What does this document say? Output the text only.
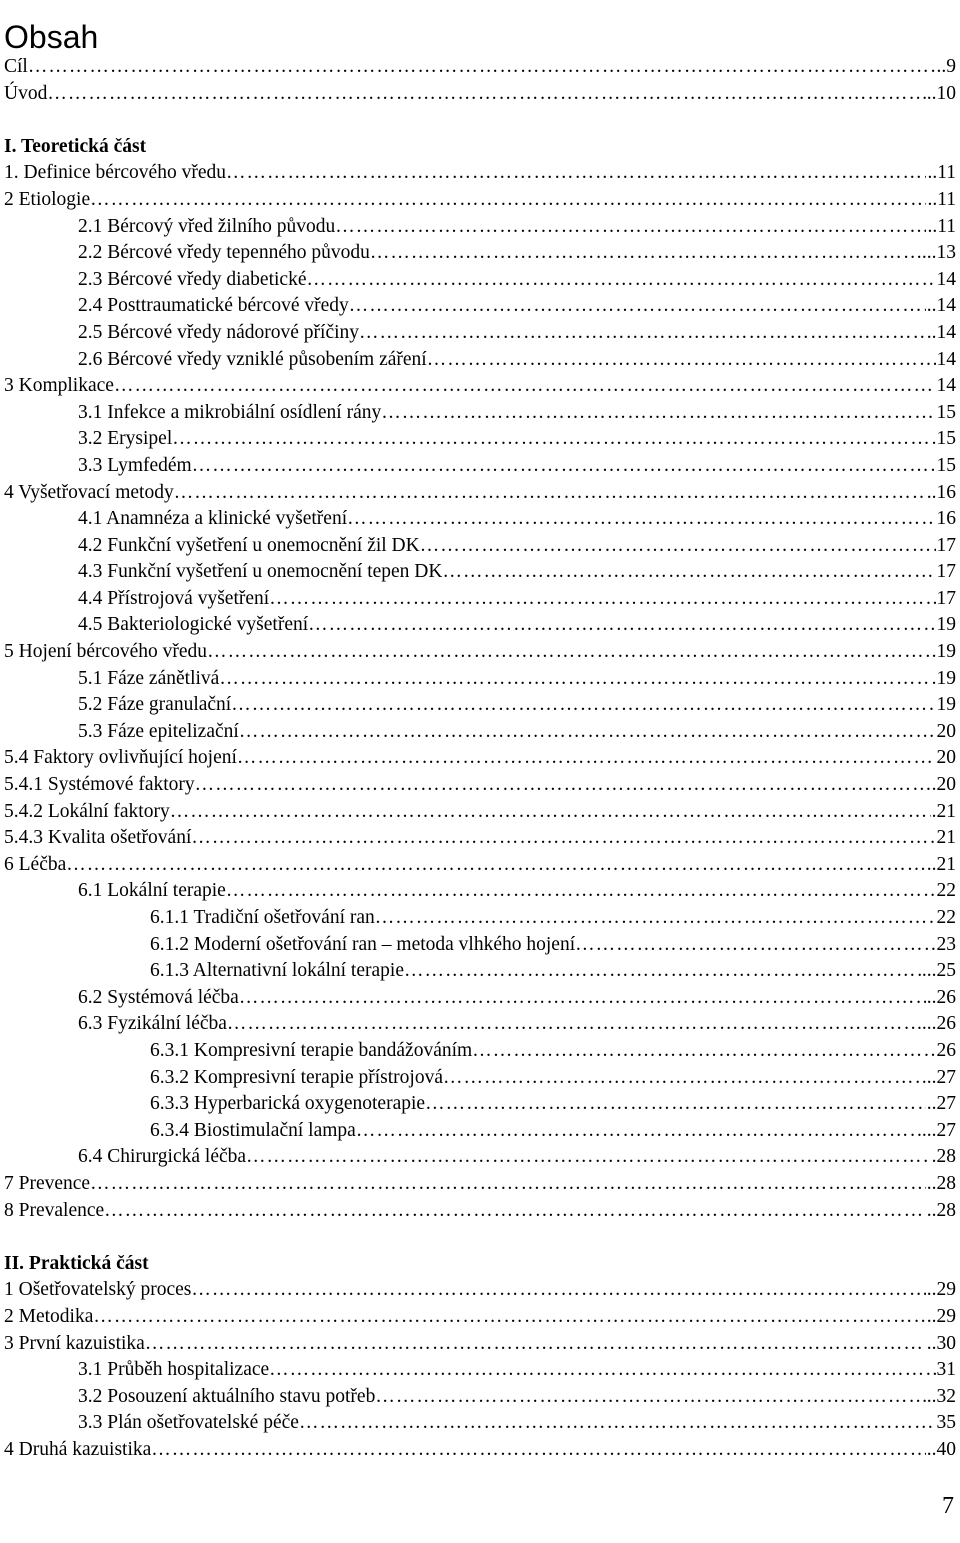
Obsah
Cíl ……………………………………………………………………………………………………………………………………………………	..9
Úvod ……………………………………………………………………………………………………………………………………………………	..10
I. Teoretická část
1. Definice bércového vředu ……………………………………………………………………………………………………………………………………………………	..11
2 Etiologie ……………………………………………………………………………………………………………………………………………………	..11
2.1 Bércový vřed žilního původu ……………………………………………………………………………………………………………………………………………………	..11
2.2 Bércové vředy tepenného původu ……………………………………………………………………………………………………………………………………………………	...13
2.3 Bércové vředy diabetické ……………………………………………………………………………………………………………………………………………………	14
2.4 Posttraumatické bércové vředy ……………………………………………………………………………………………………………………………………………………	..14
2.5 Bércové vředy nádorové příčiny ……………………………………………………………………………………………………………………………………………………	..14
2.6 Bércové vředy vzniklé působením záření ……………………………………………………………………………………………………………………………………………………	14
3 Komplikace ……………………………………………………………………………………………………………………………………………………	14
3.1 Infekce a mikrobiální osídlení rány ……………………………………………………………………………………………………………………………………………………	15
3.2 Erysipel ……………………………………………………………………………………………………………………………………………………	.15
3.3 Lymfedém ……………………………………………………………………………………………………………………………………………………	15
4 Vyšetřovací metody ……………………………………………………………………………………………………………………………………………………	..16
4.1 Anamnéza a klinické vyšetření ……………………………………………………………………………………………………………………………………………………	16
4.2 Funkční vyšetření u onemocnění žil DK ……………………………………………………………………………………………………………………………………………………	17
4.3 Funkční vyšetření u onemocnění tepen DK ……………………………………………………………………………………………………………………………………………………	17
4.4 Přístrojová vyšetření ……………………………………………………………………………………………………………………………………………………	17
4.5 Bakteriologické vyšetření ……………………………………………………………………………………………………………………………………………………	19
5 Hojení bércového vředu ……………………………………………………………………………………………………………………………………………………	.19
5.1 Fáze zánětlivá ……………………………………………………………………………………………………………………………………………………	.19
5.2 Fáze granulační ……………………………………………………………………………………………………………………………………………………	19
5.3 Fáze epitelizační ……………………………………………………………………………………………………………………………………………………	20
5.4 Faktory ovlivňující hojení ……………………………………………………………………………………………………………………………………………………	20
5.4.1 Systémové faktory ……………………………………………………………………………………………………………………………………………………	.20
5.4.2 Lokální faktory ……………………………………………………………………………………………………………………………………………………	.21
5.4.3 Kvalita ošetřování ……………………………………………………………………………………………………………………………………………………	21
6 Léčba ……………………………………………………………………………………………………………………………………………………	..21
6.1 Lokální terapie ……………………………………………………………………………………………………………………………………………………	22
6.1.1 Tradiční ošetřování ran ……………………………………………………………………………………………………………………………………………………	22
6.1.2 Moderní ošetřování ran – metoda vlhkého hojení ……………………………………………………………………………………………………………………………………………………	23
6.1.3 Alternativní lokální terapie ……………………………………………………………………………………………………………………………………………………	...25
6.2 Systémová léčba ……………………………………………………………………………………………………………………………………………………	..26
6.3 Fyzikální léčba ……………………………………………………………………………………………………………………………………………………	....26
6.3.1 Kompresivní terapie bandážováním ……………………………………………………………………………………………………………………………………………………	26
6.3.2 Kompresivní terapie přístrojová ……………………………………………………………………………………………………………………………………………………	..27
6.3.3 Hyperbarická oxygenoterapie ……………………………………………………………………………………………………………………………………………………	..27
6.3.4 Biostimulační lampa ……………………………………………………………………………………………………………………………………………………	....27
6.4 Chirurgická léčba ……………………………………………………………………………………………………………………………………………………	.28
7 Prevence ……………………………………………………………………………………………………………………………………………………	..28
8 Prevalence ……………………………………………………………………………………………………………………………………………………	..28
II. Praktická část
1 Ošetřovatelský proces ……………………………………………………………………………………………………………………………………………………	..29
2 Metodika ……………………………………………………………………………………………………………………………………………………	..29
3 První kazuistika ……………………………………………………………………………………………………………………………………………………	..30
3.1 Průběh hospitalizace ……………………………………………………………………………………………………………………………………………………	31
3.2 Posouzení aktuálního stavu potřeb ……………………………………………………………………………………………………………………………………………………	..32
3.3 Plán ošetřovatelské péče ……………………………………………………………………………………………………………………………………………………	35
4 Druhá kazuistika ……………………………………………………………………………………………………………………………………………………	..40
7
